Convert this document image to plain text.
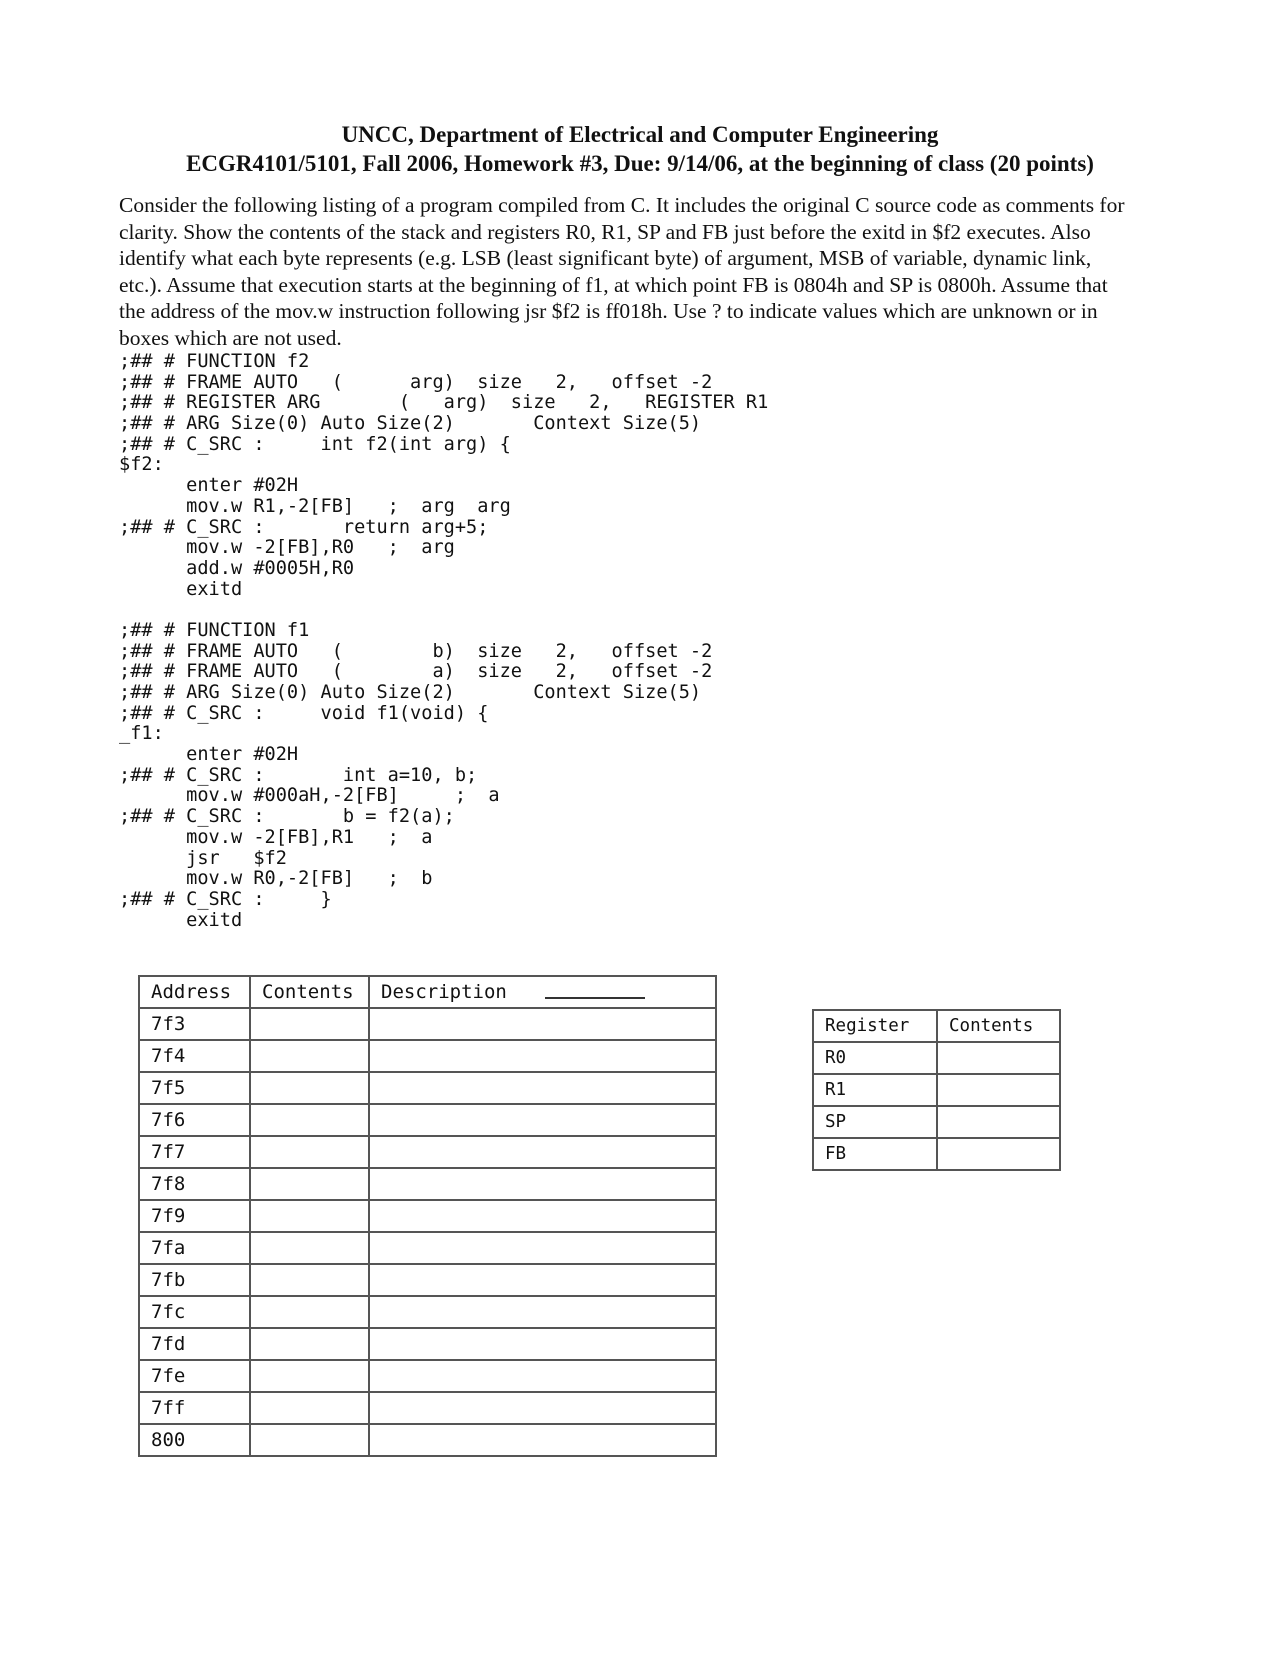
UNCC, Department of Electrical and Computer Engineering
ECGR4101/5101, Fall 2006, Homework #3, Due: 9/14/06, at the beginning of class (20 points)
Consider the following listing of a program compiled from C. It includes the original C source code as comments for
clarity. Show the contents of the stack and registers R0, R1, SP and FB just before the exitd in $f2 executes. Also
identify what each byte represents (e.g. LSB (least significant byte) of argument, MSB of variable, dynamic link,
etc.). Assume that execution starts at the beginning of f1, at which point FB is 0804h and SP is 0800h. Assume that
the address of the mov.w instruction following jsr $f2 is ff018h. Use ? to indicate values which are unknown or in
boxes which are not used.
;## # FUNCTION f2
;## # FRAME AUTO   (      arg)  size   2,   offset -2
;## # REGISTER ARG       (   arg)  size   2,   REGISTER R1
;## # ARG Size(0) Auto Size(2)       Context Size(5)
;## # C_SRC :     int f2(int arg) {
$f2:
enter #02H
mov.w R1,-2[FB]   ;  arg  arg
;## # C_SRC :       return arg+5;
mov.w -2[FB],R0   ;  arg
add.w #0005H,R0
exitd
;## # FUNCTION f1
;## # FRAME AUTO   (        b)  size   2,   offset -2
;## # FRAME AUTO   (        a)  size   2,   offset -2
;## # ARG Size(0) Auto Size(2)       Context Size(5)
;## # C_SRC :     void f1(void) {
_f1:
enter #02H
;## # C_SRC :       int a=10, b;
mov.w #000aH,-2[FB]     ;  a
;## # C_SRC :       b = f2(a);
mov.w -2[FB],R1   ;  a
jsr   $f2
mov.w R0,-2[FB]   ;  b
;## # C_SRC :     }
exitd
Address	Contents	Description
7f3		
7f4		
7f5		
7f6		
7f7		
7f8		
7f9		
7fa		
7fb		
7fc		
7fd		
7fe		
7ff		
800		
Register	Contents
R0	
R1	
SP	
FB	
